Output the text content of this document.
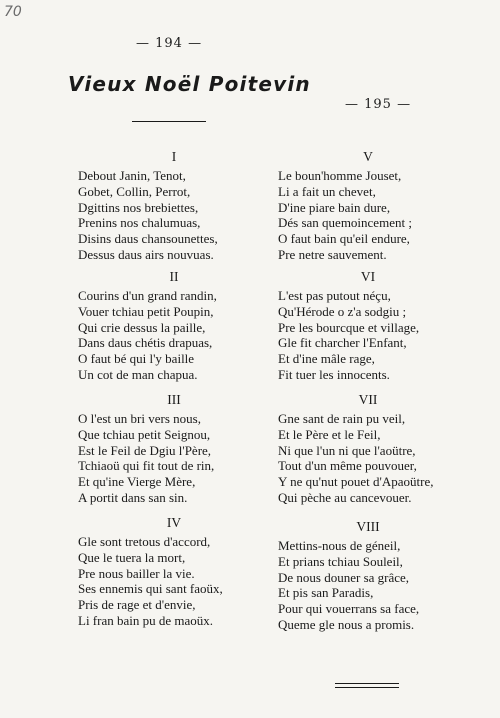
70
— 194 —
Vieux Noël Poitevin
— 195 —
I
Debout Janin, Tenot,
Gobet, Collin, Perrot,
Dgittins nos brebiettes,
Prenins nos chalumuas,
Disins daus chansounettes,
Dessus daus airs nouvuas.
II
Courins d'un grand randin,
Vouer tchiau petit Poupin,
Qui crie dessus la paille,
Dans daus chétis drapuas,
O faut bé qui l'y baille
Un cot de man chapua.
III
O l'est un bri vers nous,
Que tchiau petit Seignou,
Est le Feil de Dgiu l'Père,
Tchiaoü qui fit tout de rin,
Et qu'ine Vierge Mère,
A portit dans san sin.
IV
Gle sont tretous d'accord,
Que le tuera la mort,
Pre nous bailler la vie.
Ses ennemis qui sant faoüx,
Pris de rage et d'envie,
Li fran bain pu de maoüx.
V
Le boun'homme Jouset,
Li a fait un chevet,
D'ine piare bain dure,
Dés san quemoincement ;
O faut bain qu'eil endure,
Pre netre sauvement.
VI
L'est pas putout néçu,
Qu'Hérode o z'a sodgiu ;
Pre les bourcque et village,
Gle fit charcher l'Enfant,
Et d'ine mâle rage,
Fit tuer les innocents.
VII
Gne sant de rain pu veil,
Et le Père et le Feil,
Ni que l'un ni que l'aoütre,
Tout d'un même pouvouer,
Y ne qu'nut pouet d'Apaoütre,
Qui pèche au cancevouer.
VIII
Mettins-nous de géneil,
Et prians tchiau Souleil,
De nous douner sa grâce,
Et pis san Paradis,
Pour qui vouerrans sa face,
Queme gle nous a promis.
